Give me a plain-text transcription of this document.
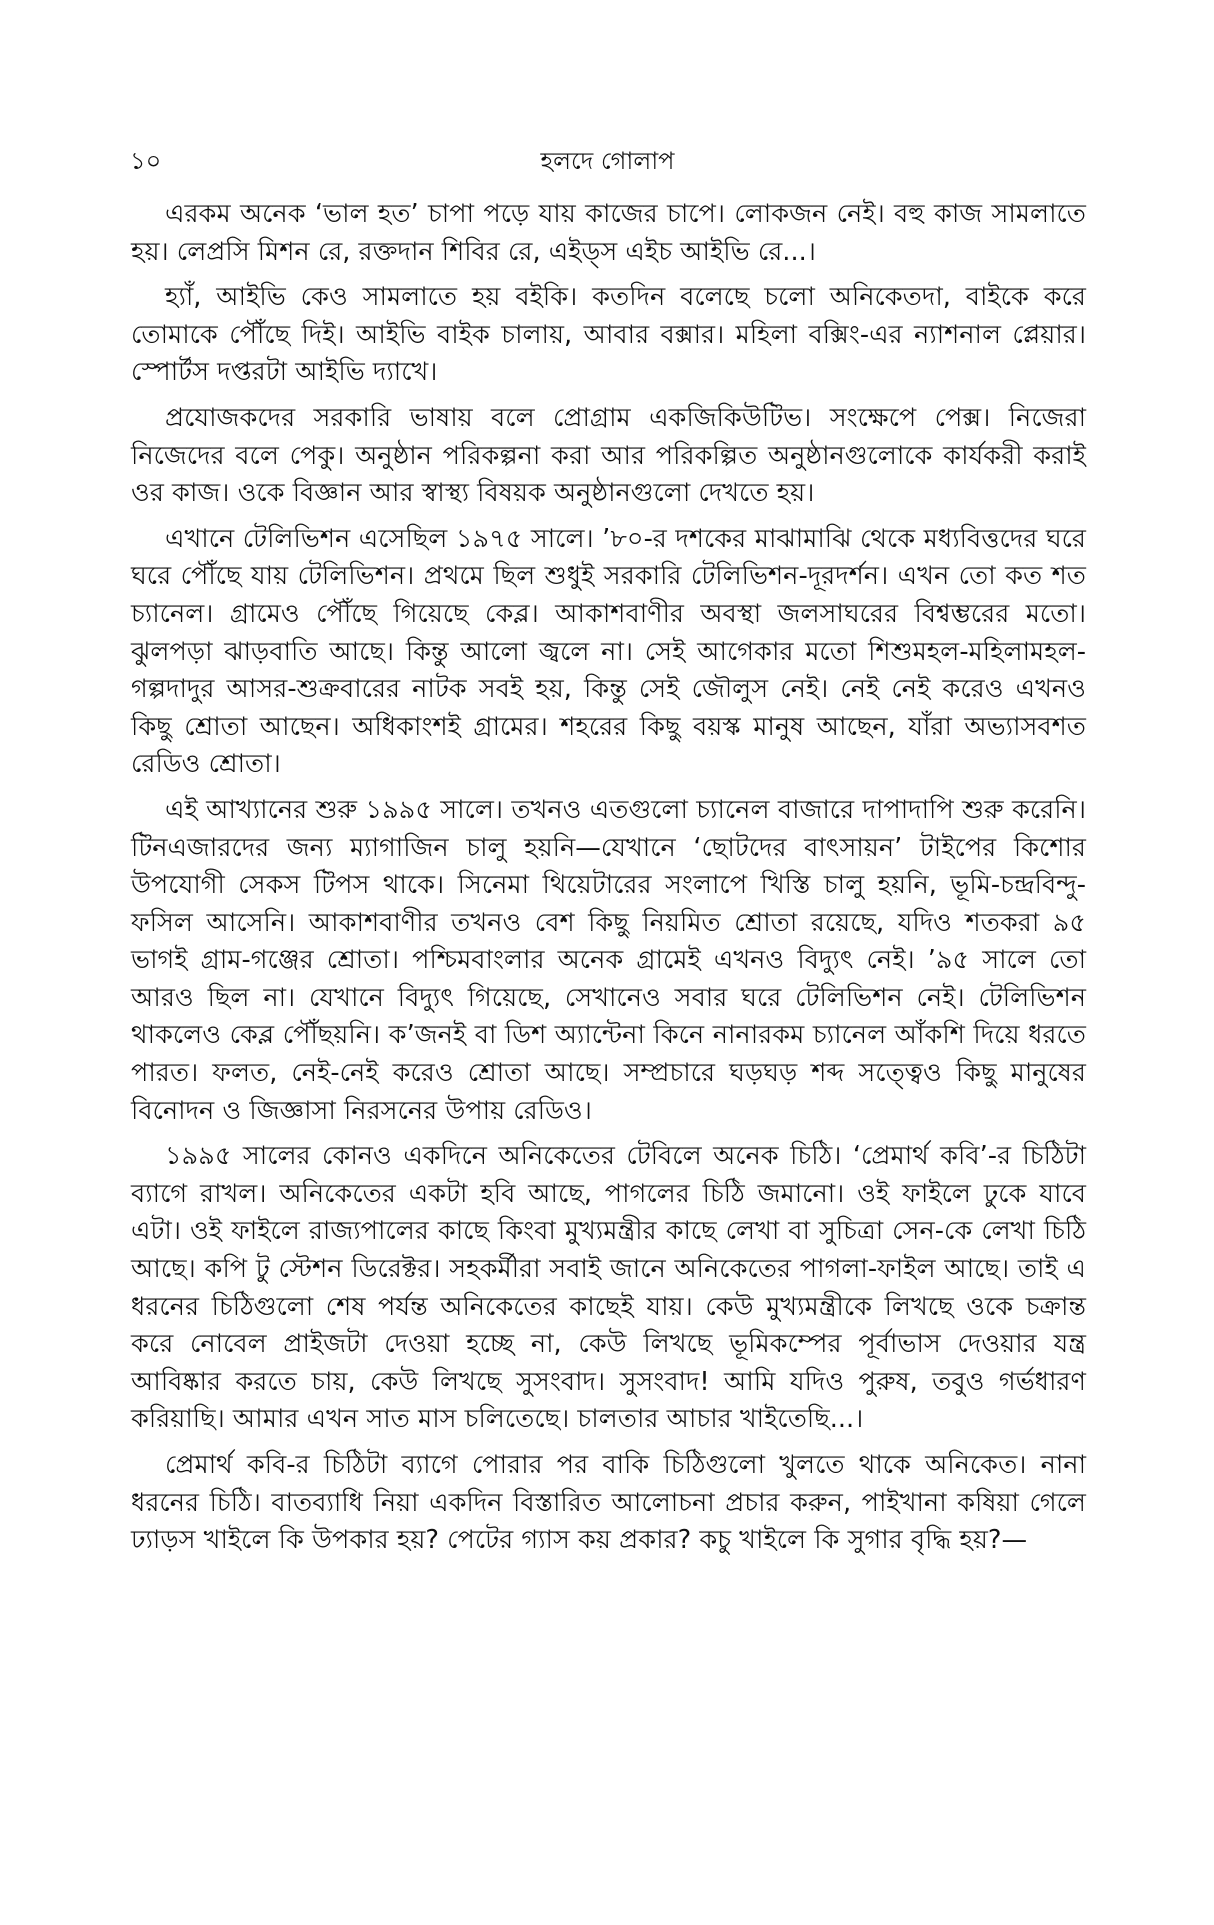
১০	হলদে গোলাপ

এরকম অনেক ‘ভাল হত’ চাপা পড়ে যায় কাজের চাপে। লোকজন নেই। বহু কাজ সামলাতে হয়। লেপ্রসি মিশন রে, রক্তদান শিবির রে, এইড্স এইচ আইভি রে...।

হ্যাঁ, আইভি কেও সামলাতে হয় বইকি। কতদিন বলেছে চলো অনিকেতদা, বাইকে করে তোমাকে পৌঁছে দিই। আইভি বাইক চালায়, আবার বক্সার। মহিলা বক্সিং-এর ন্যাশনাল প্লেয়ার। স্পোর্টস দপ্তরটা আইভি দ্যাখে।

প্রযোজকদের সরকারি ভাষায় বলে প্রোগ্রাম একজিকিউটিভ। সংক্ষেপে পেক্স। নিজেরা নিজেদের বলে পেকু। অনুষ্ঠান পরিকল্পনা করা আর পরিকল্পিত অনুষ্ঠানগুলোকে কার্যকরী করাই ওর কাজ। ওকে বিজ্ঞান আর স্বাস্থ্য বিষয়ক অনুষ্ঠানগুলো দেখতে হয়।

এখানে টেলিভিশন এসেছিল ১৯৭৫ সালে। ’৮০-র দশকের মাঝামাঝি থেকে মধ্যবিত্তদের ঘরে ঘরে পৌঁছে যায় টেলিভিশন। প্রথমে ছিল শুধুই সরকারি টেলিভিশন-দূরদর্শন। এখন তো কত শত চ্যানেল। গ্রামেও পৌঁছে গিয়েছে কেব্ল। আকাশবাণীর অবস্থা জলসাঘরের বিশ্বম্ভরের মতো। ঝুলপড়া ঝাড়বাতি আছে। কিন্তু আলো জ্বলে না। সেই আগেকার মতো শিশুমহল-মহিলামহল-গল্পদাদুর আসর-শুক্রবারের নাটক সবই হয়, কিন্তু সেই জৌলুস নেই। নেই নেই করেও এখনও কিছু শ্রোতা আছেন। অধিকাংশই গ্রামের। শহরের কিছু বয়স্ক মানুষ আছেন, যাঁরা অভ্যাসবশত রেডিও শ্রোতা।

এই আখ্যানের শুরু ১৯৯৫ সালে। তখনও এতগুলো চ্যানেল বাজারে দাপাদাপি শুরু করেনি। টিনএজারদের জন্য ম্যাগাজিন চালু হয়নি—যেখানে ‘ছোটদের বাৎসায়ন’ টাইপের কিশোর উপযোগী সেকস টিপস থাকে। সিনেমা থিয়েটারের সংলাপে খিস্তি চালু হয়নি, ভূমি-চন্দ্রবিন্দু-ফসিল আসেনি। আকাশবাণীর তখনও বেশ কিছু নিয়মিত শ্রোতা রয়েছে, যদিও শতকরা ৯৫ ভাগই গ্রাম-গঞ্জের শ্রোতা। পশ্চিমবাংলার অনেক গ্রামেই এখনও বিদ্যুৎ নেই। ’৯৫ সালে তো আরও ছিল না। যেখানে বিদ্যুৎ গিয়েছে, সেখানেও সবার ঘরে টেলিভিশন নেই। টেলিভিশন থাকলেও কেব্ল পৌঁছয়নি। ক’জনই বা ডিশ অ্যান্টেনা কিনে নানারকম চ্যানেল আঁকশি দিয়ে ধরতে পারত। ফলত, নেই-নেই করেও শ্রোতা আছে। সম্প্রচারে ঘড়ঘড় শব্দ সত্ত্বেও কিছু মানুষের বিনোদন ও জিজ্ঞাসা নিরসনের উপায় রেডিও।

১৯৯৫ সালের কোনও একদিনে অনিকেতের টেবিলে অনেক চিঠি। ‘প্রেমার্থ কবি’-র চিঠিটা ব্যাগে রাখল। অনিকেতের একটা হবি আছে, পাগলের চিঠি জমানো। ওই ফাইলে ঢুকে যাবে এটা। ওই ফাইলে রাজ্যপালের কাছে কিংবা মুখ্যমন্ত্রীর কাছে লেখা বা সুচিত্রা সেন-কে লেখা চিঠি আছে। কপি টু স্টেশন ডিরেক্টর। সহকর্মীরা সবাই জানে অনিকেতের পাগলা-ফাইল আছে। তাই এ ধরনের চিঠিগুলো শেষ পর্যন্ত অনিকেতের কাছেই যায়। কেউ মুখ্যমন্ত্রীকে লিখছে ওকে চক্রান্ত করে নোবেল প্রাইজটা দেওয়া হচ্ছে না, কেউ লিখছে ভূমিকম্পের পূর্বাভাস দেওয়ার যন্ত্র আবিষ্কার করতে চায়, কেউ লিখছে সুসংবাদ। সুসংবাদ! আমি যদিও পুরুষ, তবুও গর্ভধারণ করিয়াছি। আমার এখন সাত মাস চলিতেছে। চালতার আচার খাইতেছি...।

প্রেমার্থ কবি-র চিঠিটা ব্যাগে পোরার পর বাকি চিঠিগুলো খুলতে থাকে অনিকেত। নানা ধরনের চিঠি। বাতব্যাধি নিয়া একদিন বিস্তারিত আলোচনা প্রচার করুন, পাইখানা কষিয়া গেলে ঢ্যাড়স খাইলে কি উপকার হয়? পেটের গ্যাস কয় প্রকার? কচু খাইলে কি সুগার বৃদ্ধি হয়?—
